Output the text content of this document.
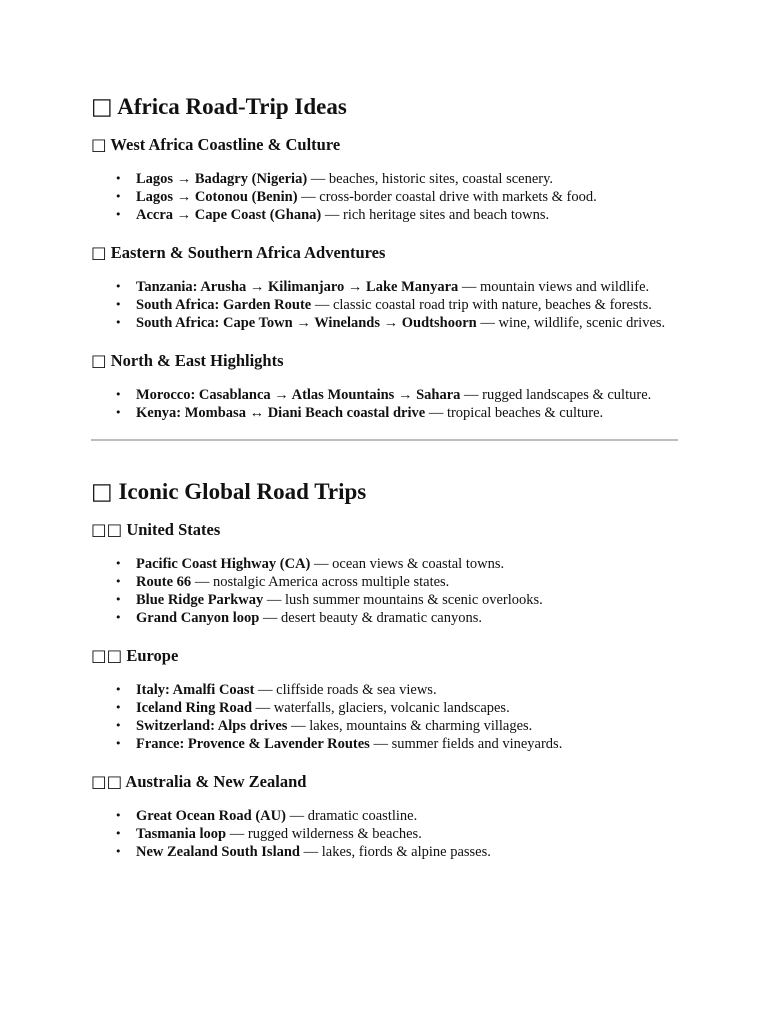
□ Africa Road-Trip Ideas
□ West Africa Coastline & Culture
• Lagos → Badagry (Nigeria) — beaches, historic sites, coastal scenery.
• Lagos → Cotonou (Benin) — cross-border coastal drive with markets & food.
• Accra → Cape Coast (Ghana) — rich heritage sites and beach towns.
□ Eastern & Southern Africa Adventures
• Tanzania: Arusha → Kilimanjaro → Lake Manyara — mountain views and wildlife.
• South Africa: Garden Route — classic coastal road trip with nature, beaches & forests.
• South Africa: Cape Town → Winelands → Oudtshoorn — wine, wildlife, scenic drives.
□ North & East Highlights
• Morocco: Casablanca → Atlas Mountains → Sahara — rugged landscapes & culture.
• Kenya: Mombasa ↔ Diani Beach coastal drive — tropical beaches & culture.
□ Iconic Global Road Trips
□□ United States
• Pacific Coast Highway (CA) — ocean views & coastal towns.
• Route 66 — nostalgic America across multiple states.
• Blue Ridge Parkway — lush summer mountains & scenic overlooks.
• Grand Canyon loop — desert beauty & dramatic canyons.
□□ Europe
• Italy: Amalfi Coast — cliffside roads & sea views.
• Iceland Ring Road — waterfalls, glaciers, volcanic landscapes.
• Switzerland: Alps drives — lakes, mountains & charming villages.
• France: Provence & Lavender Routes — summer fields and vineyards.
□□ Australia & New Zealand
• Great Ocean Road (AU) — dramatic coastline.
• Tasmania loop — rugged wilderness & beaches.
• New Zealand South Island — lakes, fiords & alpine passes.
